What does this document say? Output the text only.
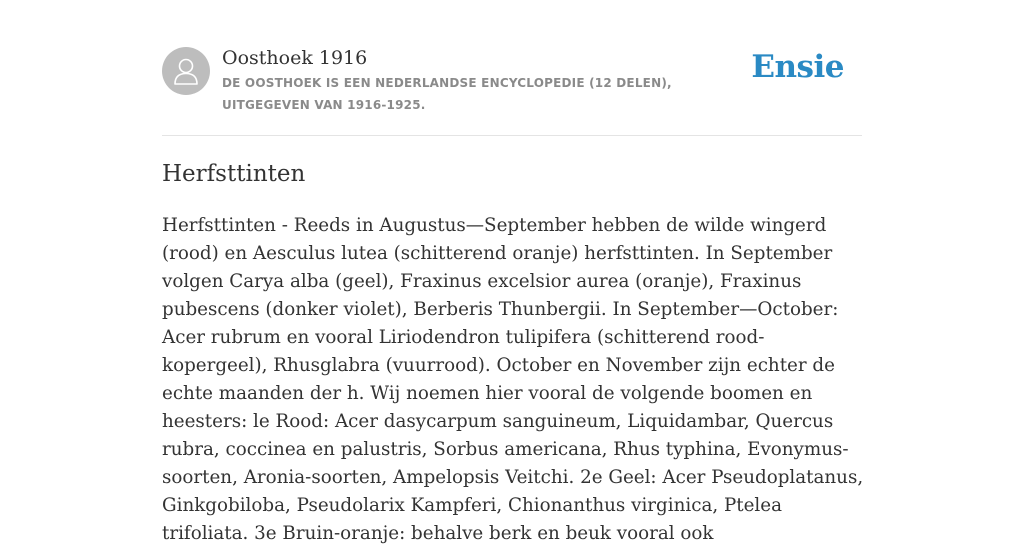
Oosthoek 1916

DE OOSTHOEK IS EEN NEDERLANDSE ENCYCLOPEDIE (12 DELEN), UITGEGEVEN VAN 1916-1925.

Ensie
Herfsttinten

Herfsttinten - Reeds in Augustus—September hebben de wilde wingerd (rood) en Aesculus lutea (schitterend oranje) herfsttinten. In September volgen Carya alba (geel), Fraxinus excelsior aurea (oranje), Fraxinus pubescens (donker violet), Berberis Thunbergii. In September—October: Acer rubrum en vooral Liriodendron tulipifera (schitterend rood-kopergeel), Rhusglabra (vuurrood). October en November zijn echter de echte maanden der h. Wij noemen hier vooral de volgende boomen en heesters: le Rood: Acer dasycarpum sanguineum, Liquidambar, Quercus rubra, coccinea en palustris, Sorbus americana, Rhus typhina, Evonymus-soorten, Aronia-soorten, Ampelopsis Veitchi. 2e Geel: Acer Pseudoplatanus, Ginkgobiloba, Pseudolarix Kampferi, Chionanthus virginica, Ptelea trifoliata. 3e Bruin-oranje: behalve berk en beuk vooral ook
